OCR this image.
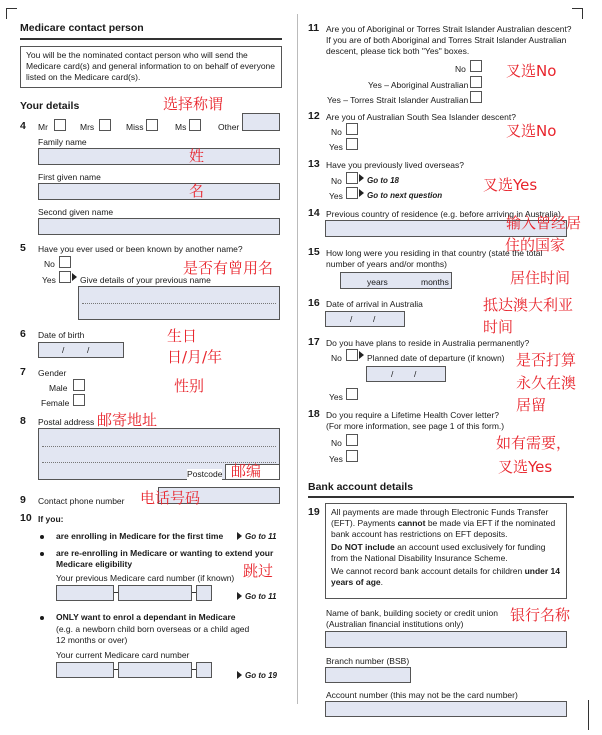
Medicare contact person
You will be the nominated contact person who will send the Medicare card(s) and general information to on behalf of everyone listed on the Medicare card(s).
Your details
4 Mr	Mrs	Miss	Ms	Other
Family name
First given name
Second given name
5 Have you ever used or been known by another name?
No
Yes	Give details of your previous name
6 Date of birth
/	/
7 Gender
Male
Female
8 Postal address
Postcode
9 Contact phone number
10 If you:
are enrolling in Medicare for the first time	Go to 11
are re-enrolling in Medicare or wanting to extend your Medicare eligibility
Your previous Medicare card number (if known)
Go to 11
ONLY want to enrol a dependant in Medicare
(e.g. a newborn child born overseas or a child aged 12 months or over)
Your current Medicare card number
Go to 19
11 Are you of Aboriginal or Torres Strait Islander Australian descent? If you are of both Aboriginal and Torres Strait Islander Australian descent, please tick both "Yes" boxes.
No
Yes – Aboriginal Australian
Yes – Torres Strait Islander Australian
12 Are you of Australian South Sea Islander descent?
No
Yes
13 Have you previously lived overseas?
No	Go to 18
Yes	Go to next question
14 Previous country of residence (e.g. before arriving in Australia)
15 How long were you residing in that country (state the total number of years and/or months)
years	months
16 Date of arrival in Australia
/ /
17 Do you have plans to reside in Australia permanently?
No	Planned date of departure (if known)
/ /
Yes
18 Do you require a Lifetime Health Cover letter?
(For more information, see page 1 of this form.)
No
Yes
Bank account details
19 All payments are made through Electronic Funds Transfer (EFT). Payments cannot be made via EFT if the nominated bank account has restrictions on EFT deposits.
Do NOT include an account used exclusively for funding from the National Disability Insurance Scheme.
We cannot record bank account details for children under 14 years of age.
Name of bank, building society or credit union
(Australian financial institutions only)
Branch number (BSB)
Account number (this may not be the card number)
选择称谓
姓
名
是否有曾用名
生日
日/月/年
性别
邮寄地址
邮编
电话号码
跳过
叉选No
叉选No
叉选Yes
输入曾经居
住的国家
居住时间
抵达澳大利亚
时间
是否打算
永久在澳
居留
如有需要，
叉选Yes
银行名称
